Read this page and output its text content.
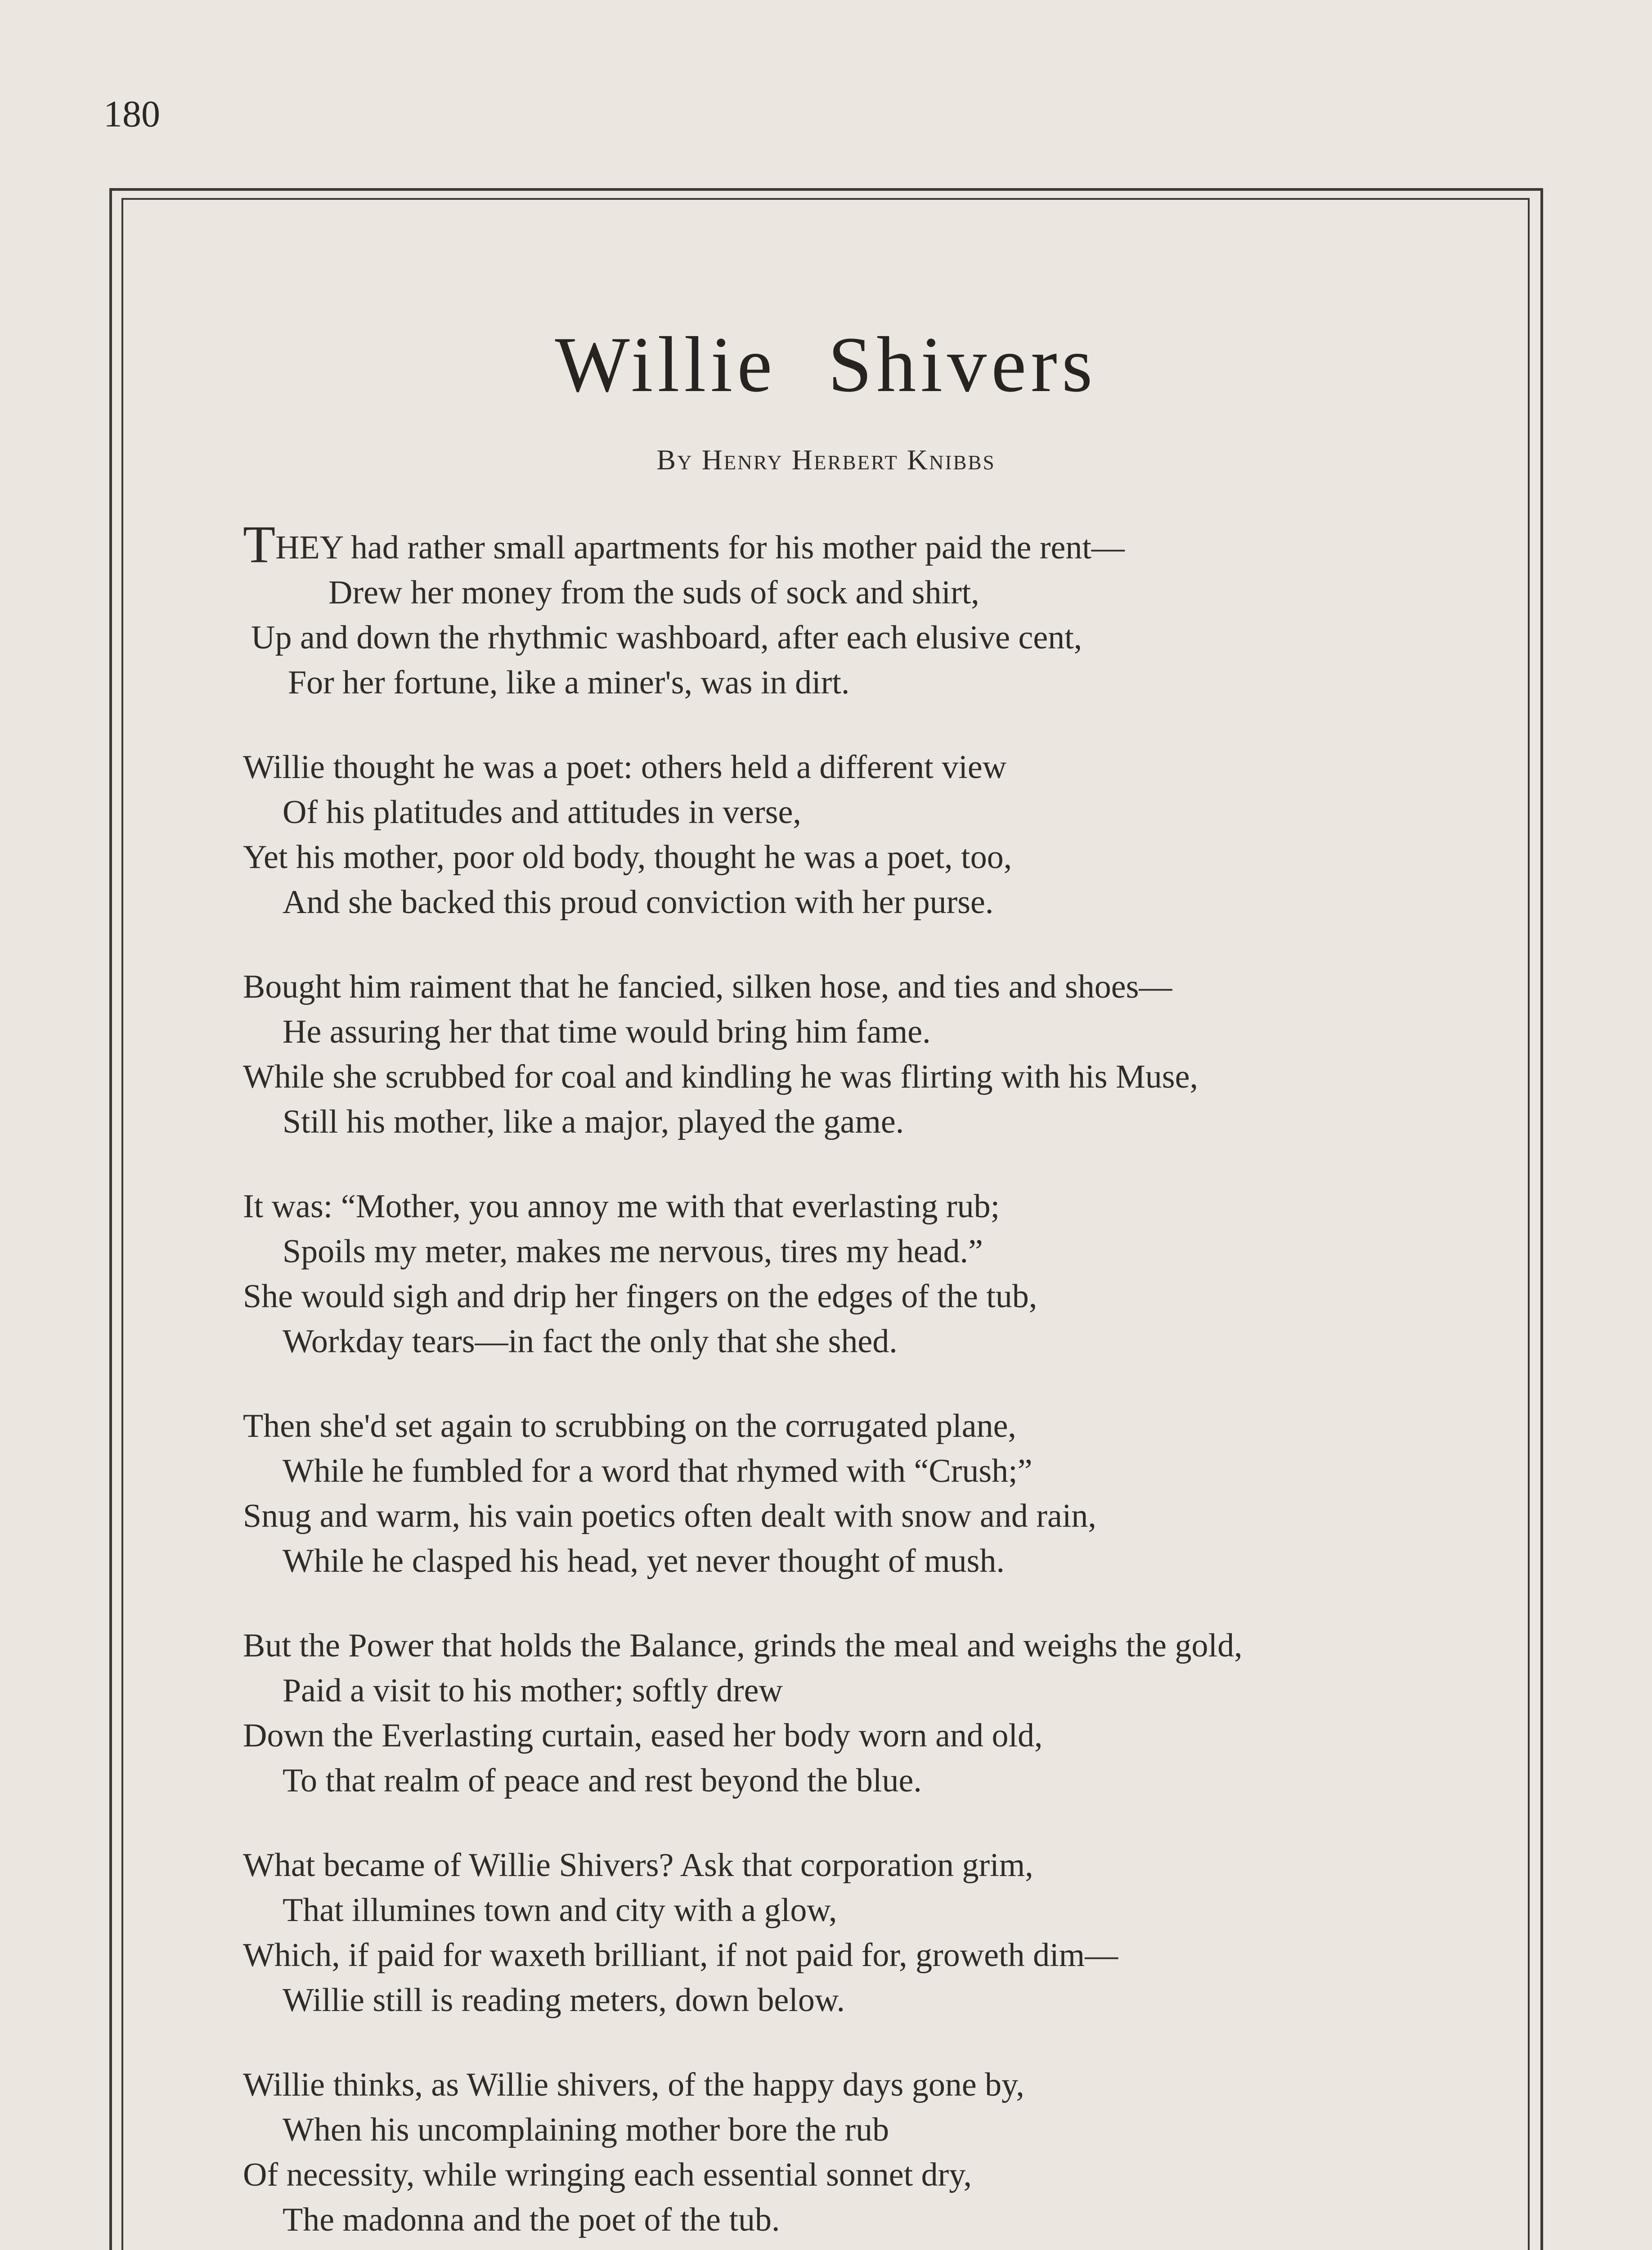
180
Willie Shivers
By Henry Herbert Knibbs
THEY had rather small apartments for his mother paid the rent—
Drew her money from the suds of sock and shirt,
Up and down the rhythmic washboard, after each elusive cent,
For her fortune, like a miner's, was in dirt.
Willie thought he was a poet: others held a different view
Of his platitudes and attitudes in verse,
Yet his mother, poor old body, thought he was a poet, too,
And she backed this proud conviction with her purse.
Bought him raiment that he fancied, silken hose, and ties and shoes—
He assuring her that time would bring him fame.
While she scrubbed for coal and kindling he was flirting with his Muse,
Still his mother, like a major, played the game.
It was: “Mother, you annoy me with that everlasting rub;
Spoils my meter, makes me nervous, tires my head.”
She would sigh and drip her fingers on the edges of the tub,
Workday tears—in fact the only that she shed.
Then she'd set again to scrubbing on the corrugated plane,
While he fumbled for a word that rhymed with “Crush;”
Snug and warm, his vain poetics often dealt with snow and rain,
While he clasped his head, yet never thought of mush.
But the Power that holds the Balance, grinds the meal and weighs the gold,
Paid a visit to his mother; softly drew
Down the Everlasting curtain, eased her body worn and old,
To that realm of peace and rest beyond the blue.
What became of Willie Shivers? Ask that corporation grim,
That illumines town and city with a glow,
Which, if paid for waxeth brilliant, if not paid for, groweth dim—
Willie still is reading meters, down below.
Willie thinks, as Willie shivers, of the happy days gone by,
When his uncomplaining mother bore the rub
Of necessity, while wringing each essential sonnet dry,
The madonna and the poet of the tub.
